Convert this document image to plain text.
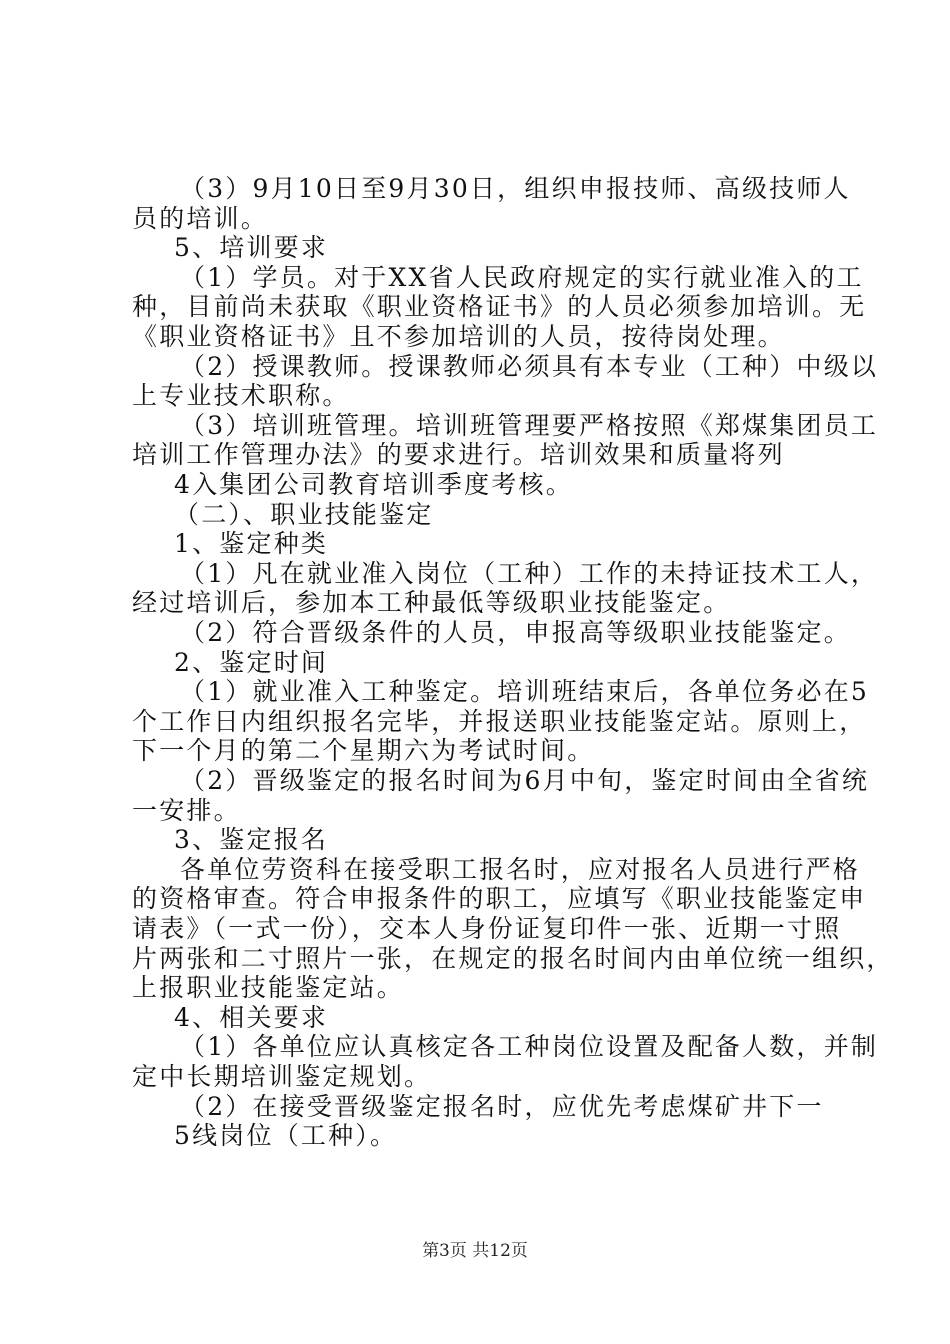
（3）9月10日至9月30日，组织申报技师、高级技师人
员的培训。
5、培训要求
（1）学员。对于XX省人民政府规定的实行就业准入的工
种，目前尚未获取《职业资格证书》的人员必须参加培训。无
《职业资格证书》且不参加培训的人员，按待岗处理。
（2）授课教师。授课教师必须具有本专业（工种）中级以
上专业技术职称。
（3）培训班管理。培训班管理要严格按照《郑煤集团员工
培训工作管理办法》的要求进行。培训效果和质量将列
4入集团公司教育培训季度考核。
（二）、职业技能鉴定
1、鉴定种类
（1）凡在就业准入岗位（工种）工作的未持证技术工人，
经过培训后，参加本工种最低等级职业技能鉴定。
（2）符合晋级条件的人员，申报高等级职业技能鉴定。
2、鉴定时间
（1）就业准入工种鉴定。培训班结束后，各单位务必在5
个工作日内组织报名完毕，并报送职业技能鉴定站。原则上，
下一个月的第二个星期六为考试时间。
（2）晋级鉴定的报名时间为6月中旬，鉴定时间由全省统
一安排。
3、鉴定报名
各单位劳资科在接受职工报名时，应对报名人员进行严格
的资格审查。符合申报条件的职工，应填写《职业技能鉴定申
请表》（一式一份），交本人身份证复印件一张、近期一寸照
片两张和二寸照片一张，在规定的报名时间内由单位统一组织，
上报职业技能鉴定站。
4、相关要求
（1）各单位应认真核定各工种岗位设置及配备人数，并制
定中长期培训鉴定规划。
（2）在接受晋级鉴定报名时，应优先考虑煤矿井下一
5线岗位（工种）。
第3页 共12页
